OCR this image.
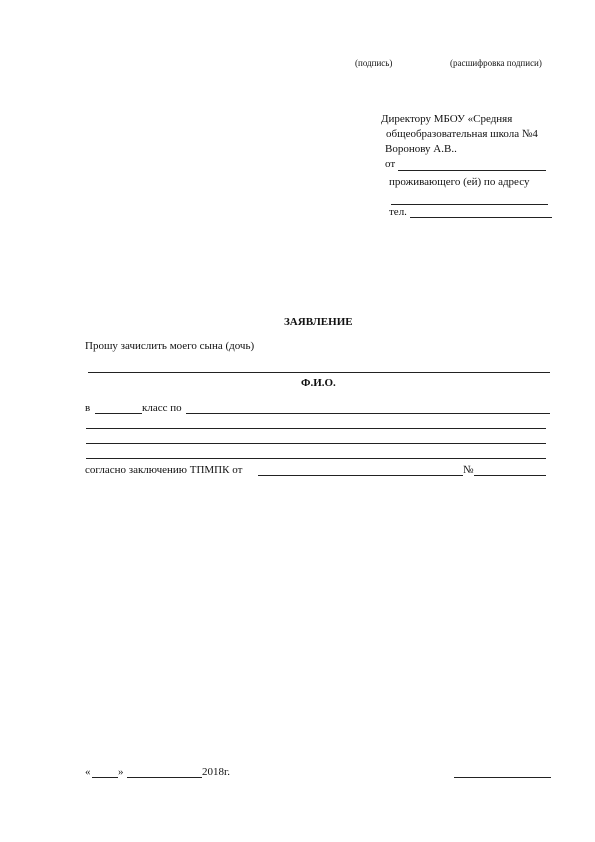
(подпись)	(расшифровка подписи)
Директору МБОУ «Средняя
общеобразовательная школа №4
Воронову А.В..
от
проживающего (ей) по адресу
тел.
ЗАЯВЛЕНИЕ
Прошу зачислить моего сына (дочь)
Ф.И.О.
в	класс по
согласно заключению ТПМПК от	№
«	»	2018г.
